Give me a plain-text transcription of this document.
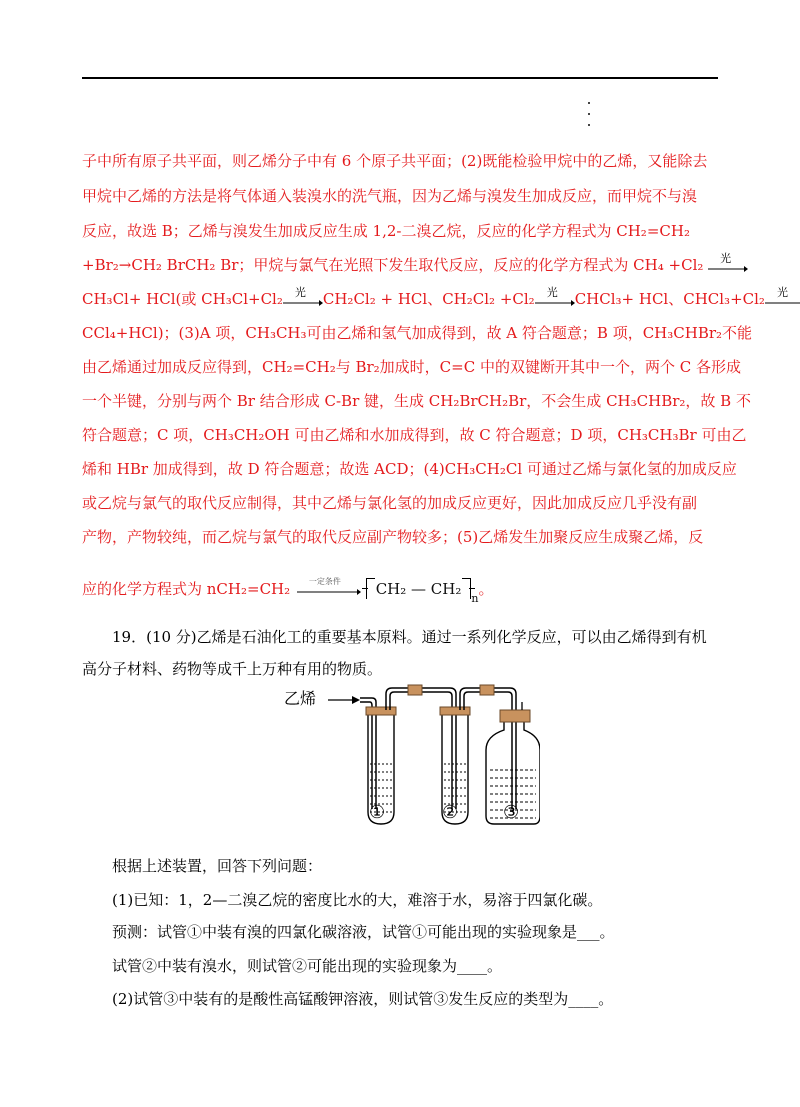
子中所有原子共平面，则乙烯分子中有 6 个原子共平面；(2)既能检验甲烷中的乙烯，又能除去
甲烷中乙烯的方法是将气体通入装溴水的洗气瓶，因为乙烯与溴发生加成反应，而甲烷不与溴
反应，故选 B；乙烯与溴发生加成反应生成 1,2-二溴乙烷，反应的化学方程式为 CH₂=CH₂
+Br₂→CH₂ BrCH₂ Br；甲烷与氯气在光照下发生取代反应，反应的化学方程式为 CH₄ +Cl₂ 光
CH₃Cl+ HCl(或 CH₃Cl+Cl₂ 光 CH₂Cl₂ + HCl、CH₂Cl₂ +Cl₂ 光 CHCl₃+ HCl、CHCl₃+Cl₂ 光
CCl₄+HCl)；(3)A 项，CH₃CH₃可由乙烯和氢气加成得到，故 A 符合题意；B 项，CH₃CHBr₂不能
由乙烯通过加成反应得到，CH₂=CH₂与 Br₂加成时，C=C 中的双键断开其中一个，两个 C 各形成
一个半键，分别与两个 Br 结合形成 C-Br 键，生成 CH₂BrCH₂Br，不会生成 CH₃CHBr₂，故 B 不
符合题意；C 项，CH₃CH₂OH 可由乙烯和水加成得到，故 C 符合题意；D 项，CH₃CH₃Br 可由乙
烯和 HBr 加成得到，故 D 符合题意；故选 ACD；(4)CH₃CH₂Cl 可通过乙烯与氯化氢的加成反应
或乙烷与氯气的取代反应制得，其中乙烯与氯化氢的加成反应更好，因此加成反应几乎没有副
产物，产物较纯，而乙烷与氯气的取代反应副产物较多；(5)乙烯发生加聚反应生成聚乙烯，反
应的化学方程式为 nCH₂=CH₂ 一定条件
CH₂ — CH₂
$_n$。
19．(10 分)乙烯是石油化工的重要基本原料。通过一系列化学反应，可以由乙烯得到有机
高分子材料、药物等成千上万种有用的物质。
乙烯
①	② ③
根据上述装置，回答下列问题：
(1)已知：1，2—二溴乙烷的密度比水的大，难溶于水，易溶于四氯化碳。
预测：试管①中装有溴的四氯化碳溶液，试管①可能出现的实验现象是___。
试管②中装有溴水，则试管②可能出现的实验现象为____。
(2)试管③中装有的是酸性高锰酸钾溶液，则试管③发生反应的类型为____。
